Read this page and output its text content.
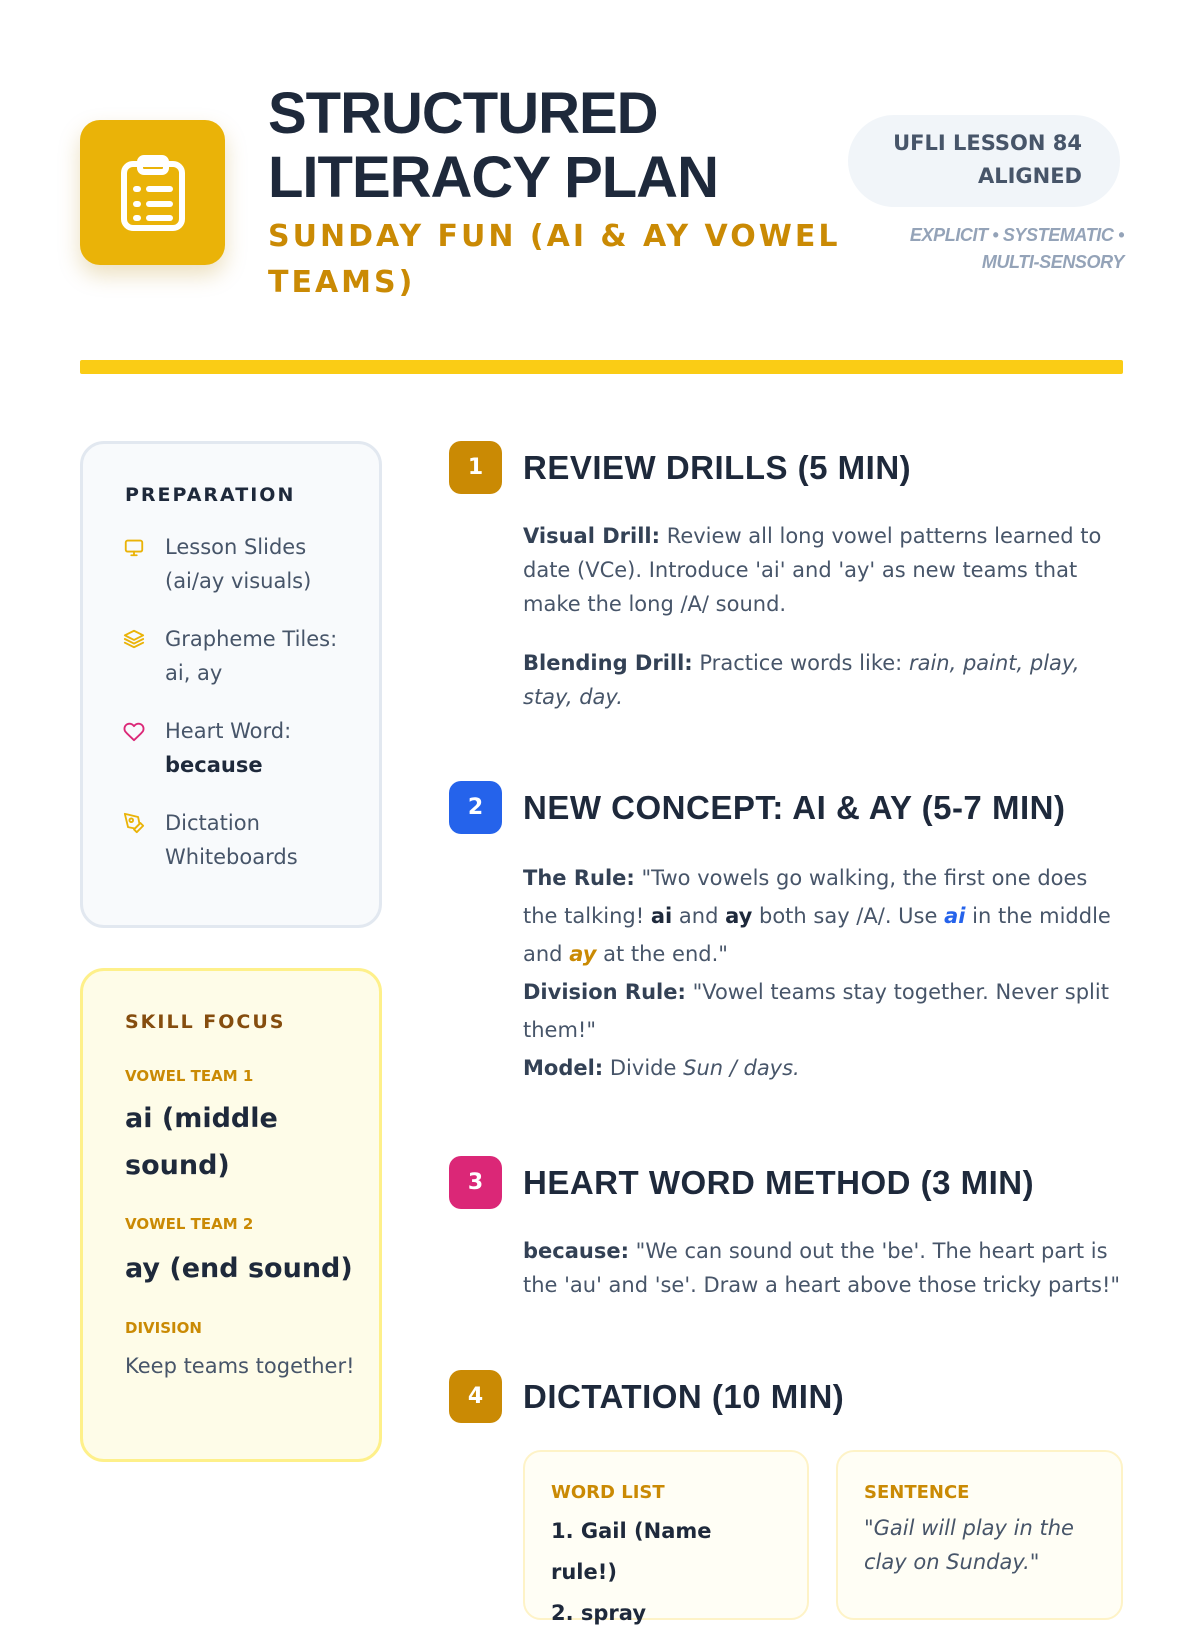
STRUCTURED LITERACY PLAN
SUNDAY FUN (AI & AY VOWEL TEAMS)
UFLI LESSON 84 ALIGNED
EXPLICIT • SYSTEMATIC • MULTI-SENSORY
PREPARATION
Lesson Slides (ai/ay visuals)
Grapheme Tiles: ai, ay
Heart Word:
because
Dictation Whiteboards
SKILL FOCUS
VOWEL TEAM 1
ai (middle sound)
VOWEL TEAM 2
ay (end sound)
DIVISION
Keep teams together!
1	REVIEW DRILLS (5 MIN)

Visual Drill: Review all long vowel patterns learned to date (VCe). Introduce 'ai' and 'ay' as new teams that make the long /A/ sound.

Blending Drill: Practice words like: rain, paint, play, stay, day.

2	NEW CONCEPT: AI & AY (5-7 MIN)

The Rule: "Two vowels go walking, the first one does the talking! ai and ay both say /A/. Use ai in the middle and ay at the end."

Division Rule: "Vowel teams stay together. Never split them!"

Model: Divide Sun / days.

3	HEART WORD METHOD (3 MIN)

because: "We can sound out the 'be'. The heart part is the 'au' and 'se'. Draw a heart above those tricky parts!"

4	DICTATION (10 MIN)
WORD LIST
1. Gail (Name rule!)
2. spray
SENTENCE
"Gail will play in the clay on Sunday."
